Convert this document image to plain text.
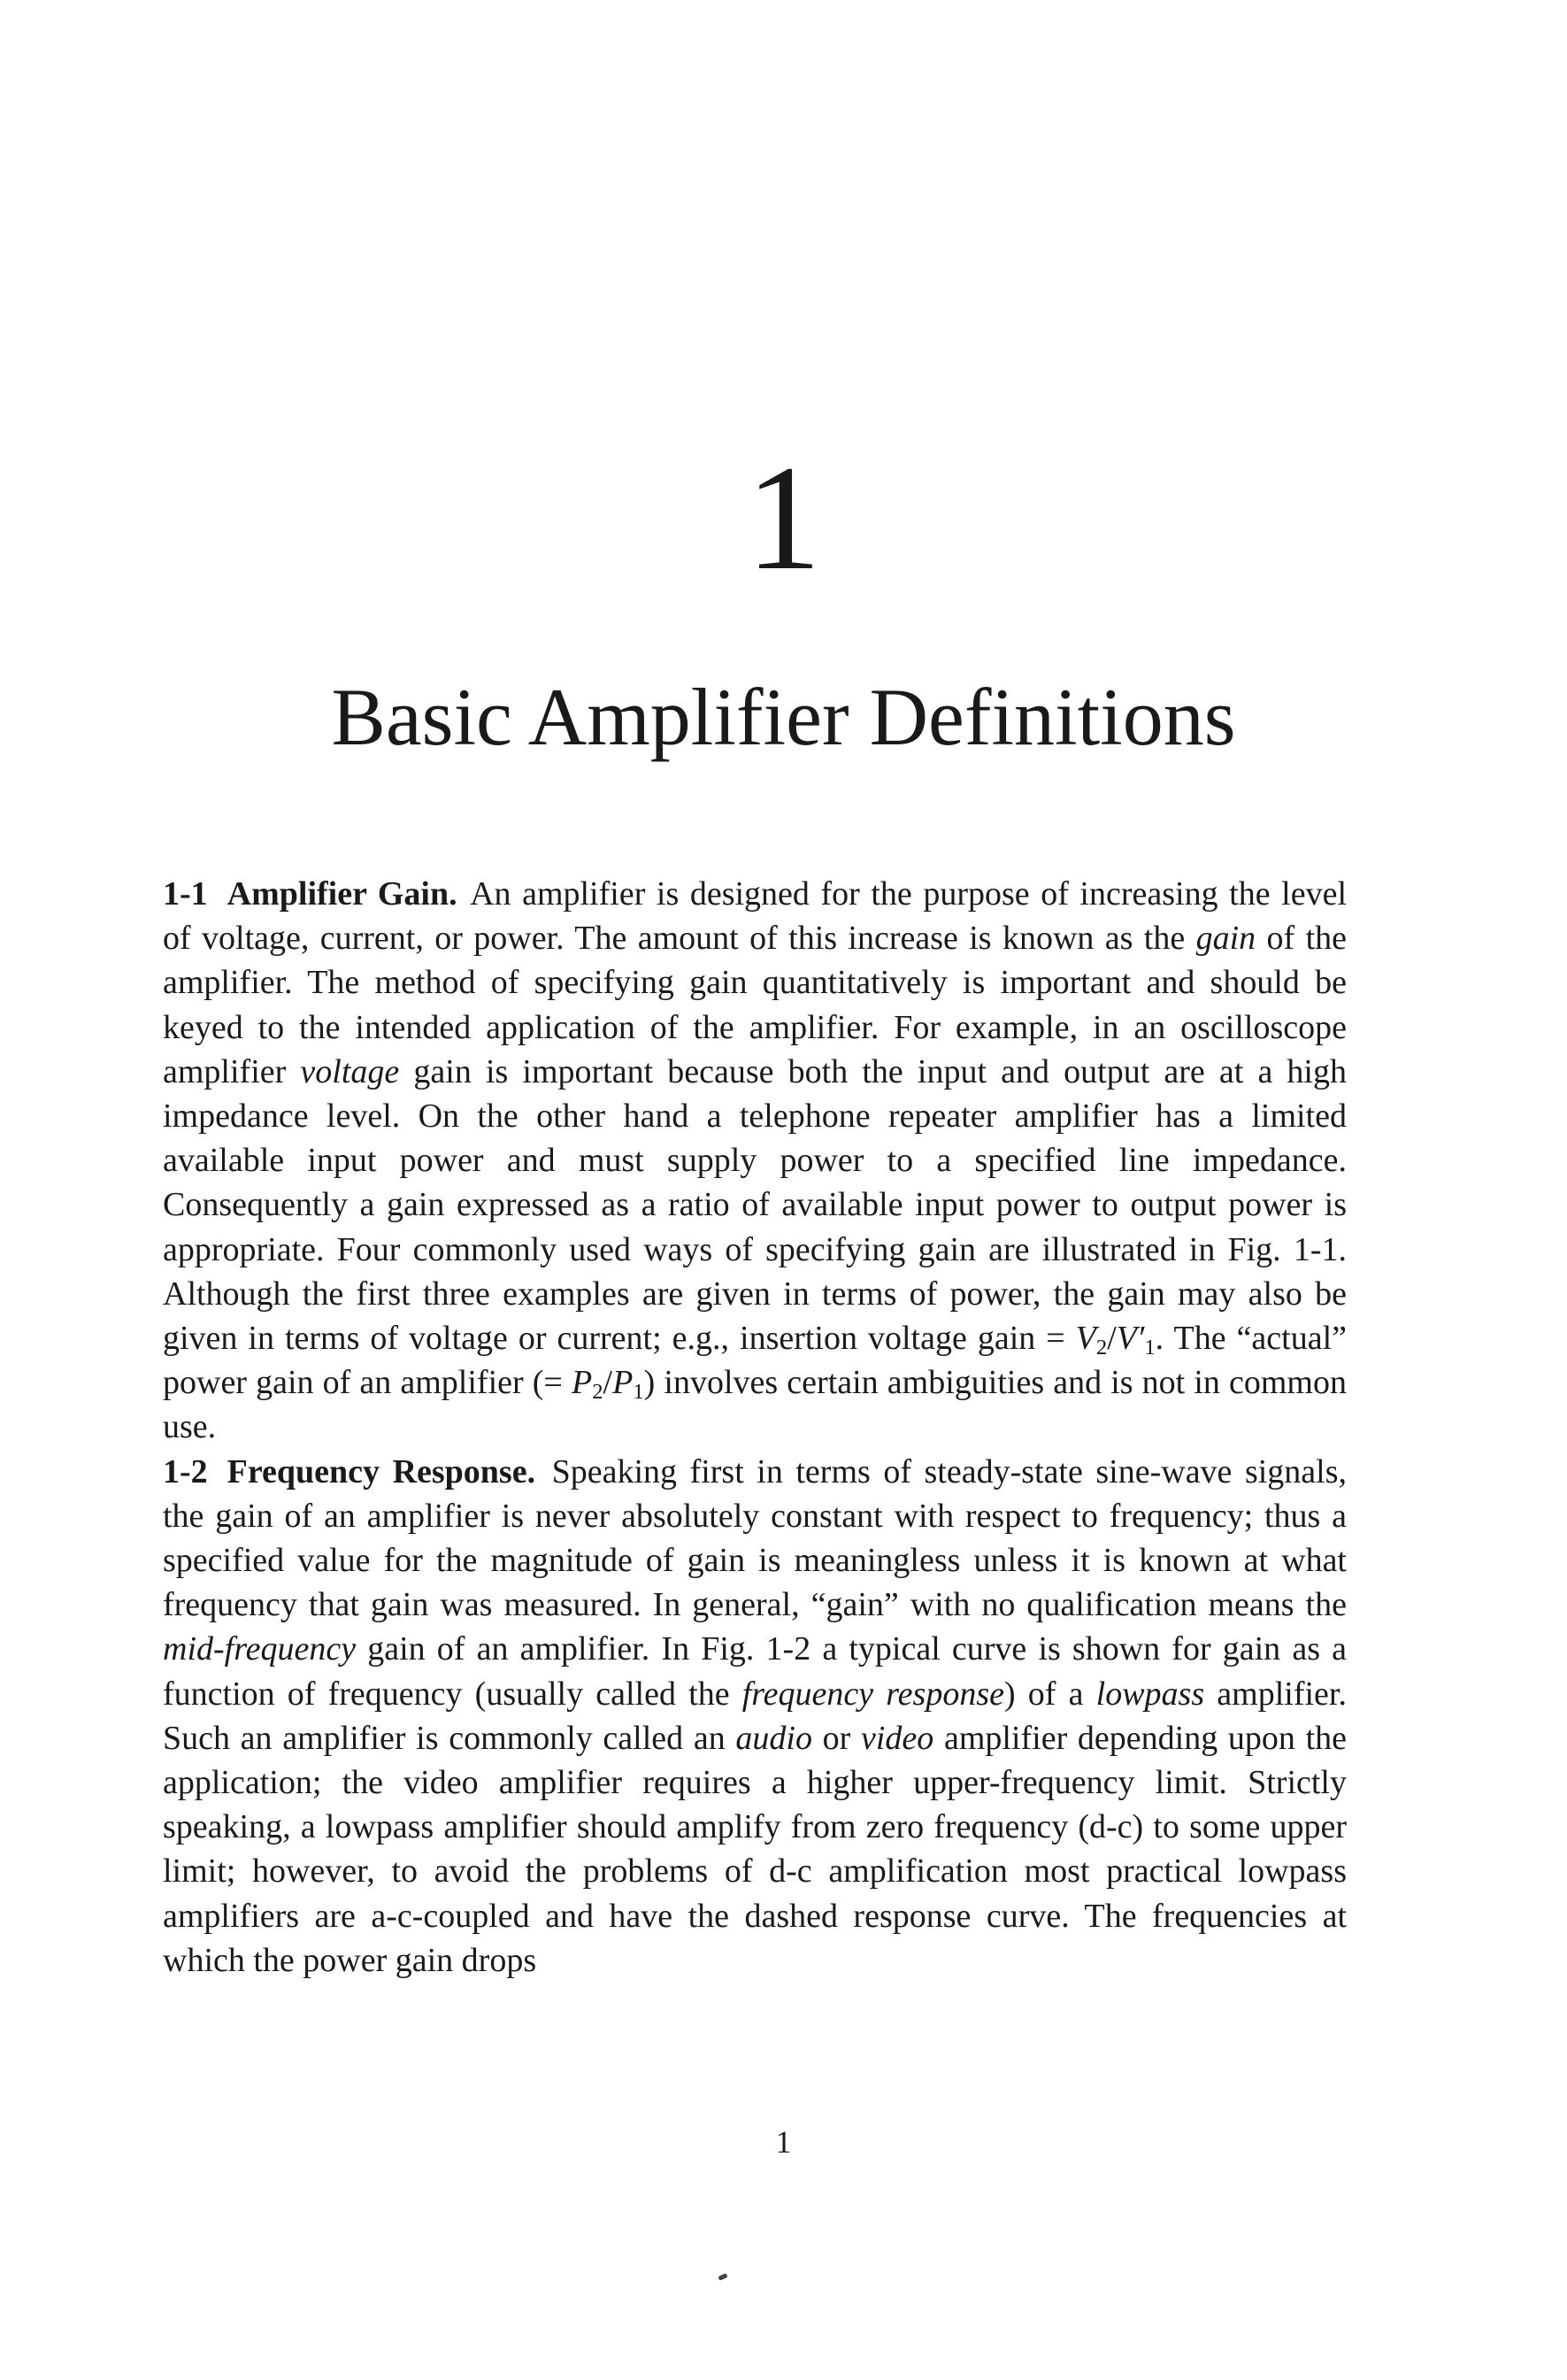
1
Basic Amplifier Definitions

1-1 Amplifier Gain. An amplifier is designed for the purpose of increasing the level of voltage, current, or power. The amount of this increase is known as the gain of the amplifier. The method of specifying gain quantitatively is important and should be keyed to the intended application of the amplifier. For example, in an oscilloscope amplifier voltage gain is important because both the input and output are at a high impedance level. On the other hand a telephone repeater amplifier has a limited available input power and must supply power to a specified line impedance. Consequently a gain expressed as a ratio of available input power to output power is appropriate. Four commonly used ways of specifying gain are illustrated in Fig. 1-1. Although the first three examples are given in terms of power, the gain may also be given in terms of voltage or current; e.g., insertion voltage gain = $V_2/V'_1$. The “actual” power gain of an amplifier (= $P_2/P_1$) involves certain ambiguities and is not in common use.

1-2 Frequency Response. Speaking first in terms of steady-state sine-wave signals, the gain of an amplifier is never absolutely constant with respect to frequency; thus a specified value for the magnitude of gain is meaningless unless it is known at what frequency that gain was measured. In general, “gain” with no qualification means the mid-frequency gain of an amplifier. In Fig. 1-2 a typical curve is shown for gain as a function of frequency (usually called the frequency response) of a lowpass amplifier. Such an amplifier is commonly called an audio or video amplifier depending upon the application; the video amplifier requires a higher upper-frequency limit. Strictly speaking, a lowpass amplifier should amplify from zero frequency (d-c) to some upper limit; however, to avoid the problems of d-c amplification most practical lowpass amplifiers are a-c-coupled and have the dashed response curve. The frequencies at which the power gain drops

1
